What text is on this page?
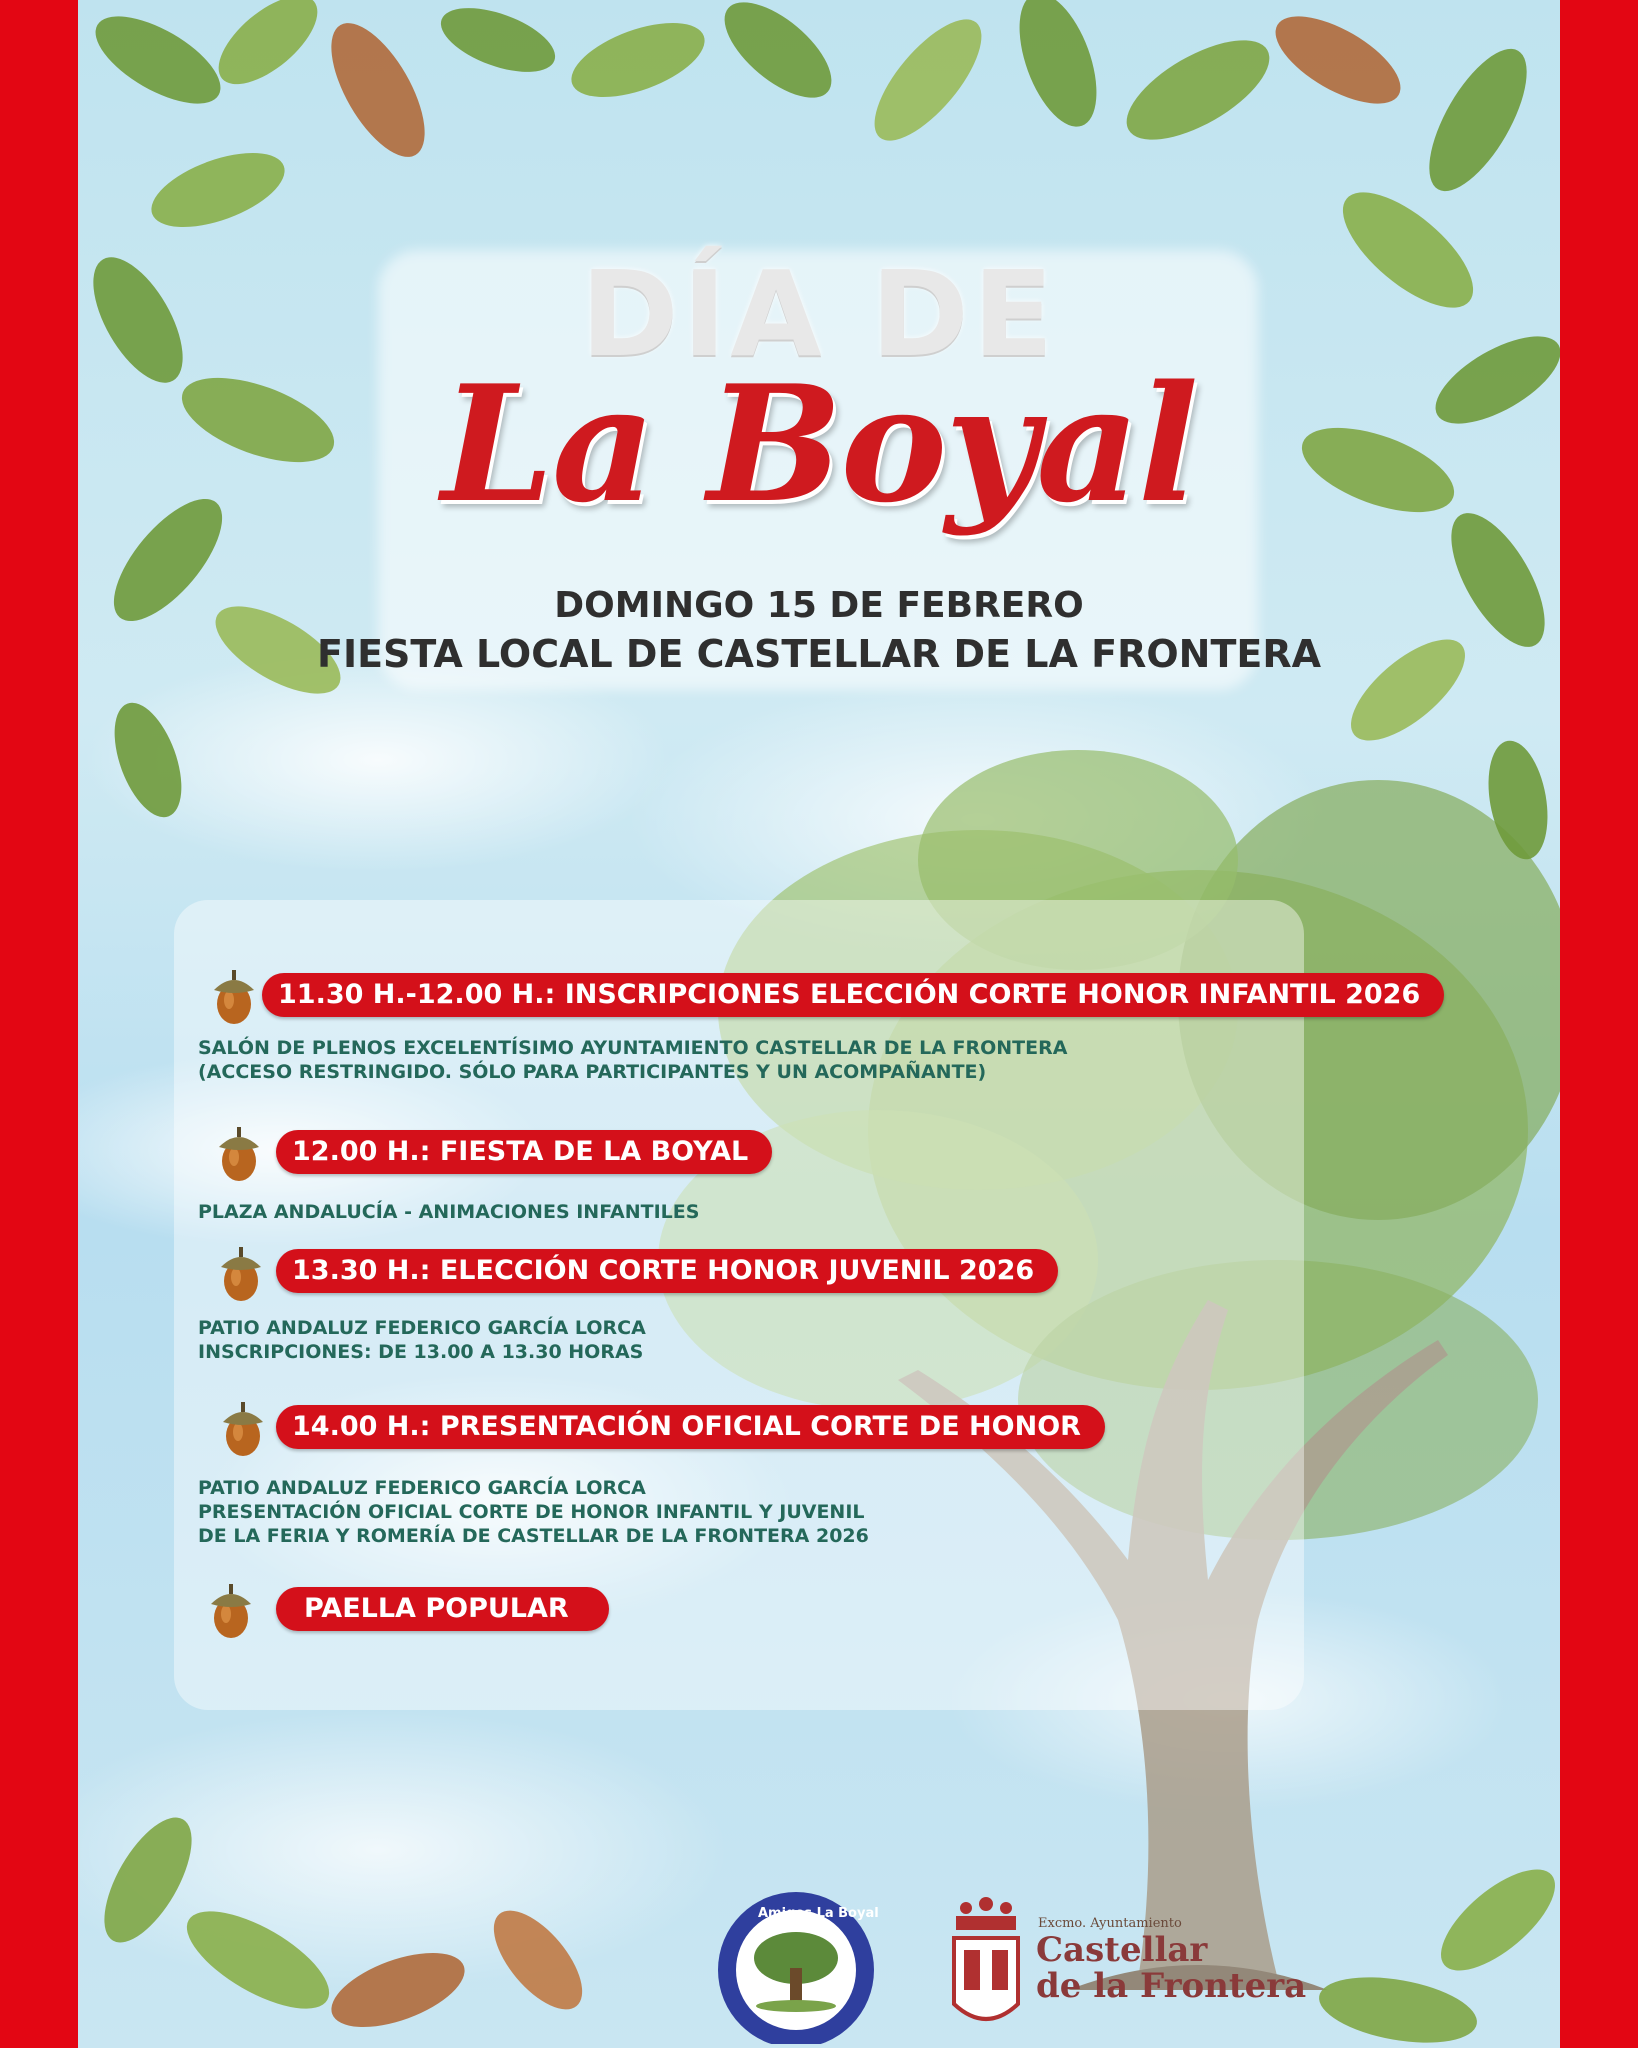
DÍA DE
La Boyal
DOMINGO 15 DE FEBRERO
FIESTA LOCAL DE CASTELLAR DE LA FRONTERA
11.30 H.-12.00 H.: INSCRIPCIONES ELECCIÓN CORTE HONOR INFANTIL 2026
SALÓN DE PLENOS EXCELENTÍSIMO AYUNTAMIENTO CASTELLAR DE LA FRONTERA
(ACCESO RESTRINGIDO. SÓLO PARA PARTICIPANTES Y UN ACOMPAÑANTE)
12.00 H.: FIESTA DE LA BOYAL
PLAZA ANDALUCÍA - ANIMACIONES INFANTILES
13.30 H.: ELECCIÓN CORTE HONOR JUVENIL 2026
PATIO ANDALUZ FEDERICO GARCÍA LORCA
INSCRIPCIONES: DE 13.00 A 13.30 HORAS
14.00 H.: PRESENTACIÓN OFICIAL CORTE DE HONOR
PATIO ANDALUZ FEDERICO GARCÍA LORCA
PRESENTACIÓN OFICIAL CORTE DE HONOR INFANTIL Y JUVENIL
DE LA FERIA Y ROMERÍA DE CASTELLAR DE LA FRONTERA 2026
PAELLA POPULAR
Amigos La Boyal
Excmo. Ayuntamiento
Castellar
de la Frontera
